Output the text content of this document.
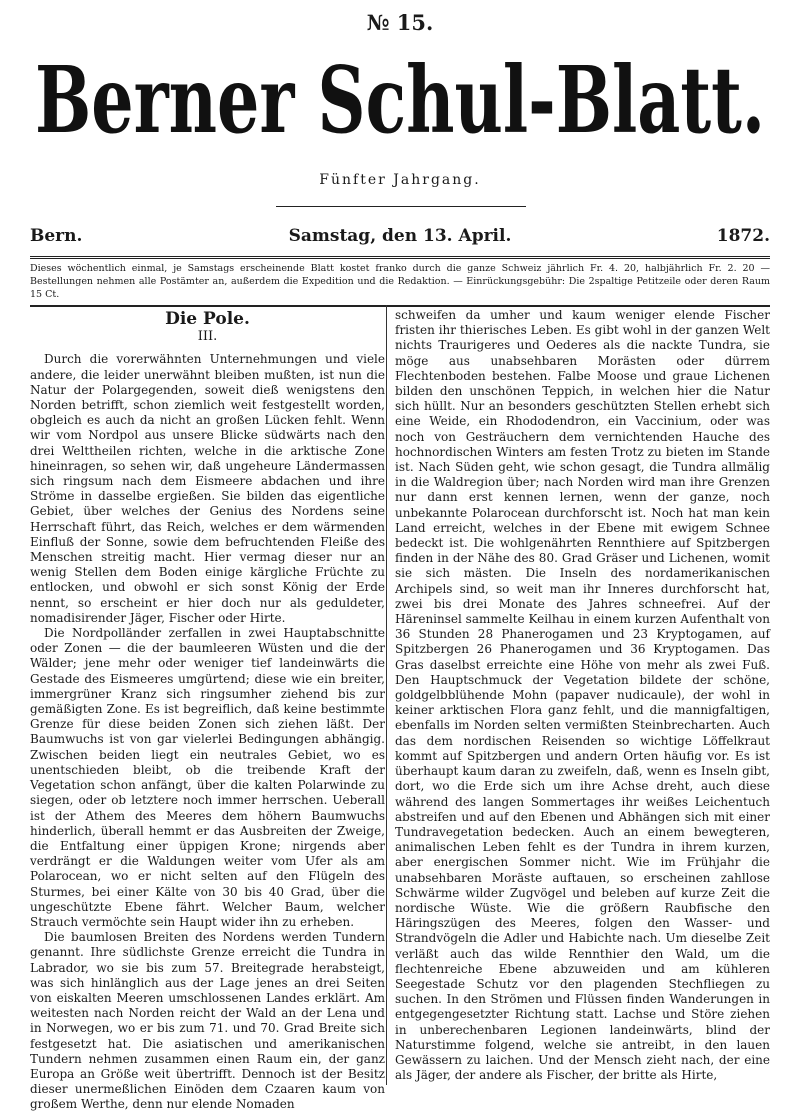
№ 15.
Berner Schul-Blatt.
Fünfter Jahrgang.
Bern.	Samstag, den 13. April.	1872.
Dieses wöchentlich einmal, je Samstags erscheinende Blatt kostet franko durch die ganze Schweiz jährlich Fr. 4. 20, halbjährlich Fr. 2. 20 — Bestellungen nehmen alle Postämter an, außerdem die Expedition und die Redaktion. — Einrückungsgebühr: Die 2spaltige Petitzeile oder deren Raum 15 Ct.
Die Pole.
III.

Durch die vorerwähnten Unternehmungen und viele andere, die leider unerwähnt bleiben mußten, ist nun die Natur der Polargegenden, soweit dieß wenigstens den Norden betrifft, schon ziemlich weit festgestellt worden, obgleich es auch da nicht an großen Lücken fehlt. Wenn wir vom Nordpol aus unsere Blicke südwärts nach den drei Welttheilen richten, welche in die arktische Zone hineinragen, so sehen wir, daß ungeheure Ländermassen sich ringsum nach dem Eismeere abdachen und ihre Ströme in dasselbe ergießen. Sie bilden das eigentliche Gebiet, über welches der Genius des Nordens seine Herrschaft führt, das Reich, welches er dem wärmenden Einfluß der Sonne, sowie dem befruchtenden Fleiße des Menschen streitig macht. Hier vermag dieser nur an wenig Stellen dem Boden einige kärgliche Früchte zu entlocken, und obwohl er sich sonst König der Erde nennt, so erscheint er hier doch nur als geduldeter, nomadisirender Jäger, Fischer oder Hirte.

Die Nordpolländer zerfallen in zwei Hauptabschnitte oder Zonen — die der baumleeren Wüsten und die der Wälder; jene mehr oder weniger tief landeinwärts die Gestade des Eismeeres umgürtend; diese wie ein breiter, immergrüner Kranz sich ringsumher ziehend bis zur gemäßigten Zone. Es ist begreiflich, daß keine bestimmte Grenze für diese beiden Zonen sich ziehen läßt. Der Baumwuchs ist von gar vielerlei Bedingungen abhängig. Zwischen beiden liegt ein neutrales Gebiet, wo es unentschieden bleibt, ob die treibende Kraft der Vegetation schon anfängt, über die kalten Polarwinde zu siegen, oder ob letztere noch immer herrschen. Ueberall ist der Athem des Meeres dem höhern Baumwuchs hinderlich, überall hemmt er das Ausbreiten der Zweige, die Entfaltung einer üppigen Krone; nirgends aber verdrängt er die Waldungen weiter vom Ufer als am Polarocean, wo er nicht selten auf den Flügeln des Sturmes, bei einer Kälte von 30 bis 40 Grad, über die ungeschützte Ebene fährt. Welcher Baum, welcher Strauch vermöchte sein Haupt wider ihn zu erheben.

Die baumlosen Breiten des Nordens werden Tundern genannt. Ihre südlichste Grenze erreicht die Tundra in Labrador, wo sie bis zum 57. Breitegrade herabsteigt, was sich hinlänglich aus der Lage jenes an drei Seiten von eiskalten Meeren umschlossenen Landes erklärt. Am weitesten nach Norden reicht der Wald an der Lena und in Norwegen, wo er bis zum 71. und 70. Grad Breite sich festgesetzt hat. Die asiatischen und amerikanischen Tundern nehmen zusammen einen Raum ein, der ganz Europa an Größe weit übertrifft. Dennoch ist der Besitz dieser unermeßlichen Einöden dem Czaaren kaum von großem Werthe, denn nur elende Nomaden

schweifen da umher und kaum weniger elende Fischer fristen ihr thierisches Leben. Es gibt wohl in der ganzen Welt nichts Traurigeres und Oederes als die nackte Tundra, sie möge aus unabsehbaren Morästen oder dürrem Flechtenboden bestehen. Falbe Moose und graue Lichenen bilden den unschönen Teppich, in welchen hier die Natur sich hüllt. Nur an besonders geschützten Stellen erhebt sich eine Weide, ein Rhododendron, ein Vaccinium, oder was noch von Gesträuchern dem vernichtenden Hauche des hochnordischen Winters am festen Trotz zu bieten im Stande ist. Nach Süden geht, wie schon gesagt, die Tundra allmälig in die Waldregion über; nach Norden wird man ihre Grenzen nur dann erst kennen lernen, wenn der ganze, noch unbekannte Polarocean durchforscht ist. Noch hat man kein Land erreicht, welches in der Ebene mit ewigem Schnee bedeckt ist. Die wohlgenährten Rennthiere auf Spitzbergen finden in der Nähe des 80. Grad Gräser und Lichenen, womit sie sich mästen. Die Inseln des nordamerikanischen Archipels sind, so weit man ihr Inneres durchforscht hat, zwei bis drei Monate des Jahres schneefrei. Auf der Häreninsel sammelte Keilhau in einem kurzen Aufenthalt von 36 Stunden 28 Phanerogamen und 23 Kryptogamen, auf Spitzbergen 26 Phanerogamen und 36 Kryptogamen. Das Gras daselbst erreichte eine Höhe von mehr als zwei Fuß. Den Hauptschmuck der Vegetation bildete der schöne, goldgelbblühende Mohn (papaver nudicaule), der wohl in keiner arktischen Flora ganz fehlt, und die mannigfaltigen, ebenfalls im Norden selten vermißten Steinbrecharten. Auch das dem nordischen Reisenden so wichtige Löffelkraut kommt auf Spitzbergen und andern Orten häufig vor. Es ist überhaupt kaum daran zu zweifeln, daß, wenn es Inseln gibt, dort, wo die Erde sich um ihre Achse dreht, auch diese während des langen Sommertages ihr weißes Leichentuch abstreifen und auf den Ebenen und Abhängen sich mit einer Tundravegetation bedecken. Auch an einem bewegteren, animalischen Leben fehlt es der Tundra in ihrem kurzen, aber energischen Sommer nicht. Wie im Frühjahr die unabsehbaren Moräste auftauen, so erscheinen zahllose Schwärme wilder Zugvögel und beleben auf kurze Zeit die nordische Wüste. Wie die größern Raubfische den Häringszügen des Meeres, folgen den Wasser- und Strandvögeln die Adler und Habichte nach. Um dieselbe Zeit verläßt auch das wilde Rennthier den Wald, um die flechtenreiche Ebene abzuweiden und am kühleren Seegestade Schutz vor den plagenden Stechfliegen zu suchen. In den Strömen und Flüssen finden Wanderungen in entgegengesetzter Richtung statt. Lachse und Störe ziehen in unberechenbaren Legionen landeinwärts, blind der Naturstimme folgend, welche sie antreibt, in den lauen Gewässern zu laichen. Und der Mensch zieht nach, der eine als Jäger, der andere als Fischer, der britte als Hirte,
